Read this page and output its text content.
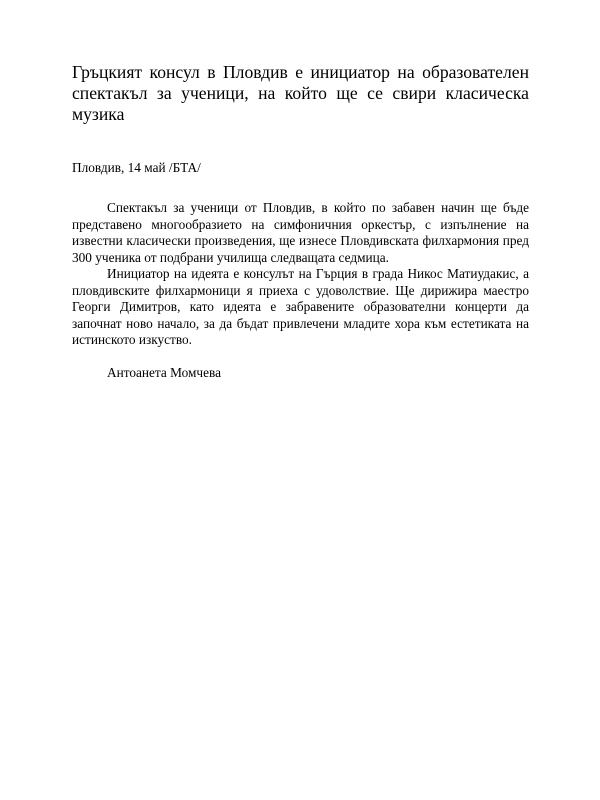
Гръцкият консул в Пловдив е инициатор на образователен спектакъл за ученици, на който ще се свири класическа музика

Пловдив, 14 май /БТА/

Спектакъл за ученици от Пловдив, в който по забавен начин ще бъде представено многообразието на симфоничния оркестър, с изпълнение на известни класически произведения, ще изнесе Пловдивската филхармония пред 300 ученика от подбрани училища следващата седмица.

Инициатор на идеята е консулът на Гърция в града Никос Матиудакис, а пловдивските филхармоници я приеха с удоволствие. Ще дирижира маестро Георги Димитров, като идеята е забравените образователни концерти да започнат ново начало, за да бъдат привлечени младите хора към естетиката на истинското изкуство.

Антоанета Момчева
